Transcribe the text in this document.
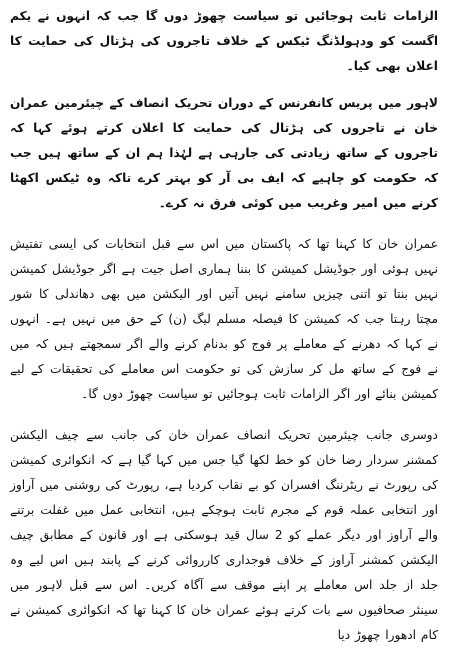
الزامات ثابت ہوجائیں تو سیاست چھوڑ دوں گا جب کہ انہوں نے یکم اگست کو ودہولڈنگ ٹیکس کے خلاف تاجروں کی ہڑتال کی حمایت کا اعلان بھی کیا۔

لاہور میں پریس کانفرنس کے دوران تحریک انصاف کے چیئرمین عمران خان نے تاجروں کی ہڑتال کی حمایت کا اعلان کرتے ہوئے کہا کہ تاجروں کے ساتھ زیادتی کی جارہی ہے لہٰذا ہم ان کے ساتھ ہیں جب کہ حکومت کو چاہیے کہ ایف بی آر کو بہتر کرے تاکہ وہ ٹیکس اکھٹا کرنے میں امیر وغریب میں کوئی فرق نہ کرے۔

عمران خان کا کہنا تھا کہ پاکستان میں اس سے قبل انتخابات کی ایسی تفتیش نہیں ہوئی اور جوڈیشل کمیشن کا بننا ہماری اصل جیت ہے اگر جوڈیشل کمیشن نہیں بنتا تو اتنی چیزیں سامنے نہیں آتیں اور الیکشن میں بھی دھاندلی کا شور مچتا رہتا جب کہ کمیشن کا فیصلہ مسلم لیگ (ن) کے حق میں نہیں ہے۔ انہوں نے کہا کہ دھرنے کے معاملے پر فوج کو بدنام کرنے والے اگر سمجھتے ہیں کہ میں نے فوج کے ساتھ مل کر سازش کی تو حکومت اس معاملے کی تحقیقات کے لیے کمیشن بنائے اور اگر الزامات ثابت ہوجائیں تو سیاست چھوڑ دوں گا۔

دوسری جانب چیئرمین تحریک انصاف عمران خان کی جانب سے چیف الیکشن کمشنر سردار رضا خان کو خط لکھا گیا جس میں کہا گیا ہے کہ انکوائری کمیشن کی رپورٹ نے ریٹرننگ افسران کو بے نقاب کردیا ہے، رپورٹ کی روشنی میں آراوز اور انتخابی عملہ قوم کے مجرم ثابت ہوچکے ہیں، انتخابی عمل میں غفلت برتنے والے آراوز اور دیگر عملے کو 2 سال قید ہوسکتی ہے اور قانون کے مطابق چیف الیکشن کمشنر آراوز کے خلاف فوجداری کارروائی کرنے کے پابند ہیں اس لیے وہ جلد از جلد اس معاملے پر اپنے موقف سے آگاہ کریں۔ اس سے قبل لاہور میں سینئر صحافیوں سے بات کرتے ہوئے عمران خان کا کہنا تھا کہ انکوائری کمیشن نے کام ادھورا چھوڑ دیا
